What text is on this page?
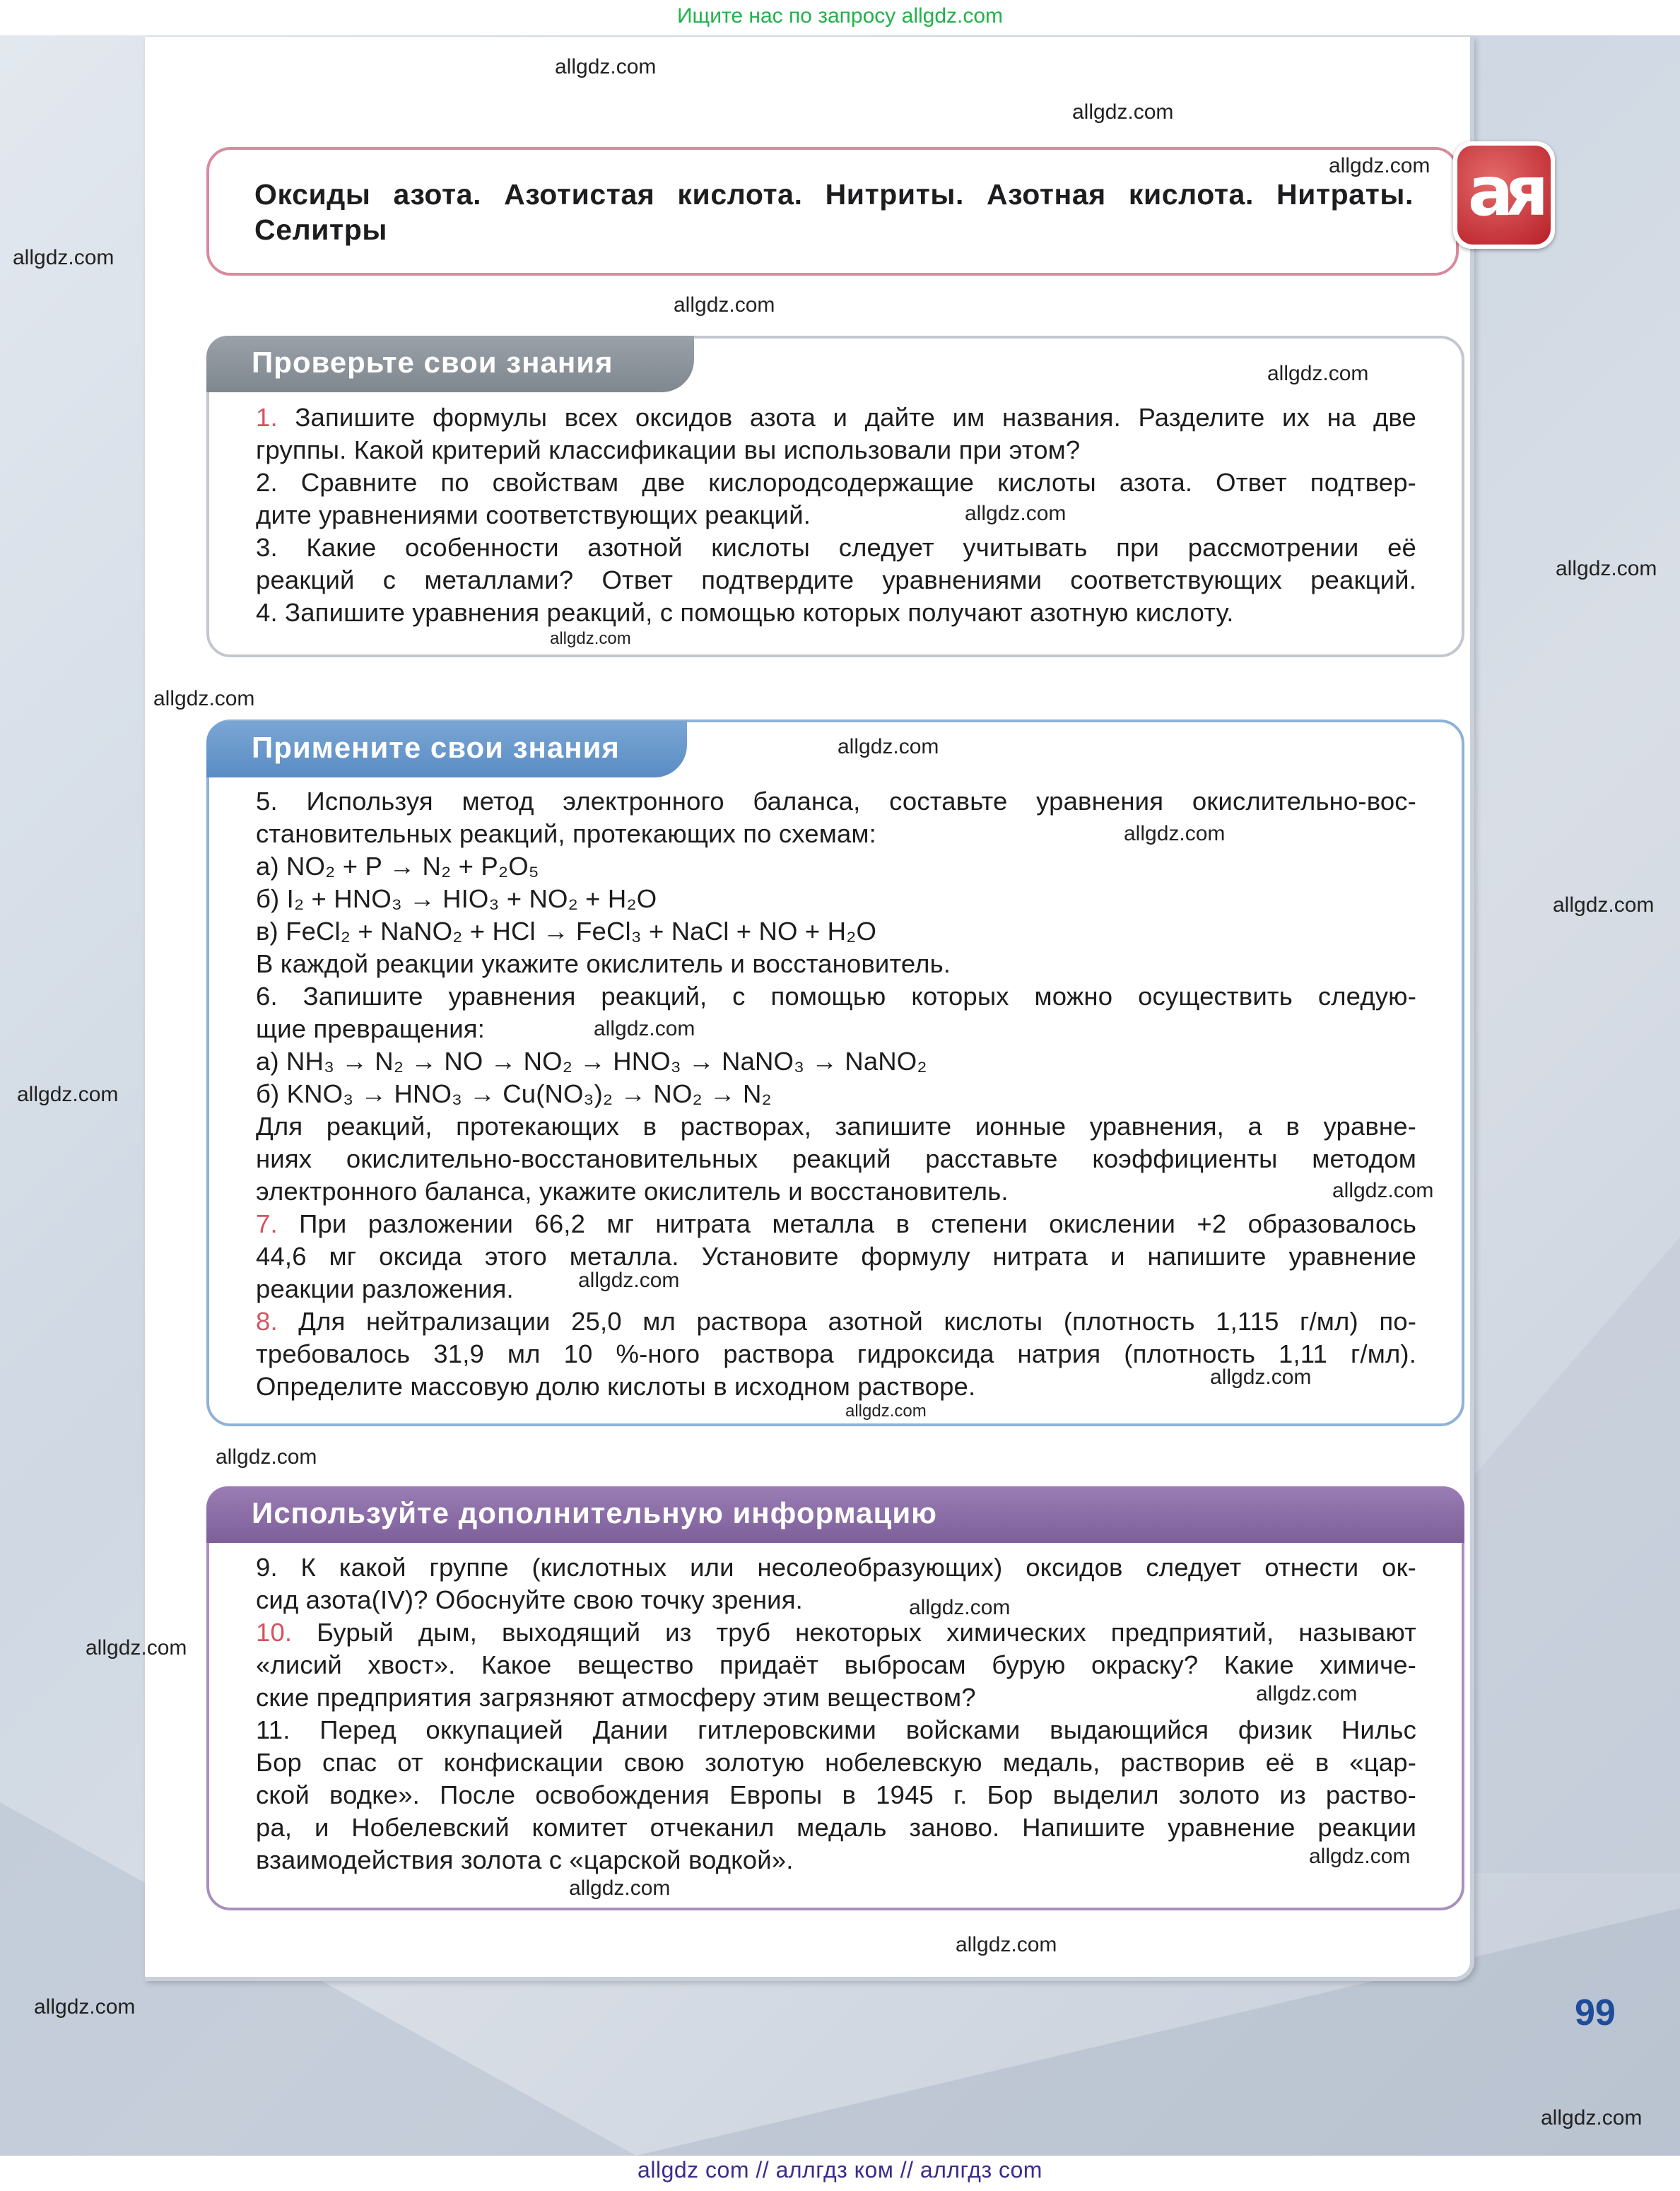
Ищите нас по запросу allgdz.com
Оксиды азота. Азотистая кислота. Нитриты. Азотная кислота. Нитраты. Селитры	ая
Проверьте свои знания
1. Запишите формулы всех оксидов азота и дайте им названия. Разделите их на две
группы. Какой критерий классификации вы использовали при этом?
2. Сравните по свойствам две кислородсодержащие кислоты азота. Ответ подтвер-
дите уравнениями соответствующих реакций.
3. Какие особенности азотной кислоты следует учитывать при рассмотрении её
реакций с металлами? Ответ подтвердите уравнениями соответствующих реакций.
4. Запишите уравнения реакций, с помощью которых получают азотную кислоту.
Примените свои знания
5. Используя метод электронного баланса, составьте уравнения окислительно-вос-
становительных реакций, протекающих по схемам:
а) NO₂ + P → N₂ + P₂O₅
б) I₂ + HNO₃ → HIO₃ + NO₂ + H₂O
в) FeCl₂ + NaNO₂ + HCl → FeCl₃ + NaCl + NO + H₂O
В каждой реакции укажите окислитель и восстановитель.
6. Запишите уравнения реакций, с помощью которых можно осуществить следую-
щие превращения:
а) NH₃ → N₂ → NO → NO₂ → HNO₃ → NaNO₃ → NaNO₂
б) KNO₃ → HNO₃ → Cu(NO₃)₂ → NO₂ → N₂
Для реакций, протекающих в растворах, запишите ионные уравнения, а в уравне-
ниях окислительно-восстановительных реакций расставьте коэффициенты методом
электронного баланса, укажите окислитель и восстановитель.
7. При разложении 66,2 мг нитрата металла в степени окислении +2 образовалось
44,6 мг оксида этого металла. Установите формулу нитрата и напишите уравнение
реакции разложения.
8. Для нейтрализации 25,0 мл раствора азотной кислоты (плотность 1,115 г/мл) по-
требовалось 31,9 мл 10 %-ного раствора гидроксида натрия (плотность 1,11 г/мл).
Определите массовую долю кислоты в исходном растворе.
Используйте дополнительную информацию
9. К какой группе (кислотных или несолеобразующих) оксидов следует отнести ок-
сид азота(IV)? Обоснуйте свою точку зрения.
10. Бурый дым, выходящий из труб некоторых химических предприятий, называют
«лисий хвост». Какое вещество придаёт выбросам бурую окраску? Какие химиче-
ские предприятия загрязняют атмосферу этим веществом?
11. Перед оккупацией Дании гитлеровскими войсками выдающийся физик Нильс
Бор спас от конфискации свою золотую нобелевскую медаль, растворив её в «цар-
ской водке». После освобождения Европы в 1945 г. Бор выделил золото из раство-
ра, и Нобелевский комитет отчеканил медаль заново. Напишите уравнение реакции
взаимодействия золота с «царской водкой».
99
allgdz.com
allgdz.com
allgdz.com
allgdz.com
allgdz.com
allgdz.com
allgdz.com
allgdz.com
allgdz.com
allgdz.com
allgdz.com
allgdz.com
allgdz.com
allgdz.com
allgdz.com
allgdz.com
allgdz.com
allgdz.com
allgdz.com
allgdz.com
allgdz.com
allgdz.com
allgdz.com
allgdz.com
allgdz.com
allgdz.com
allgdz.com
allgdz.com
allgdz com // аллгдз ком // аллгдз com
